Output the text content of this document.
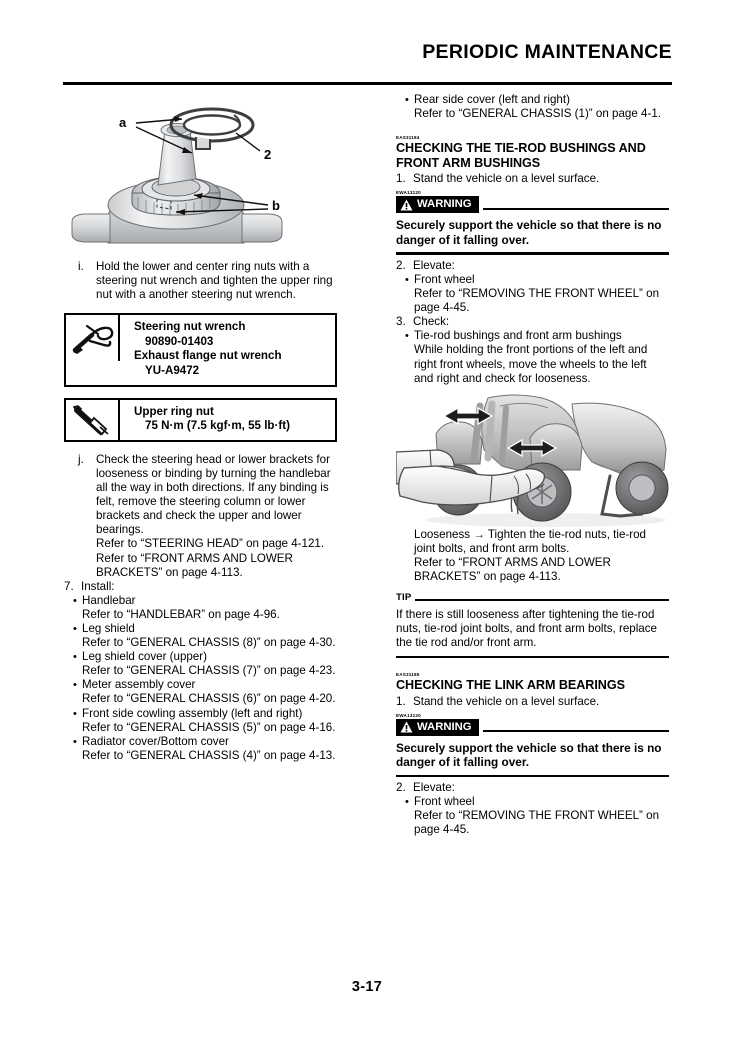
PERIODIC MAINTENANCE
a
2
b
i.	Hold the lower and center ring nuts with a steering nut wrench and tighten the upper ring nut with a another steering nut wrench.
Steering nut wrench
90890-01403
Exhaust flange nut wrench
YU-A9472
Upper ring nut
75 N·m (7.5 kgf·m, 55 lb·ft)
j.	Check the steering head or lower brackets for looseness or binding by turning the handlebar all the way in both directions. If any binding is felt, remove the steering column or lower brackets and check the upper and lower bearings.
Refer to “STEERING HEAD” on page 4-121.
Refer to “FRONT ARMS AND LOWER BRACKETS” on page 4-113.
7. Install:
• Handlebar
Refer to “HANDLEBAR” on page 4-96.
• Leg shield
Refer to “GENERAL CHASSIS (8)” on page 4-30.
• Leg shield cover (upper)
Refer to “GENERAL CHASSIS (7)” on page 4-23.
• Meter assembly cover
Refer to “GENERAL CHASSIS (6)” on page 4-20.
• Front side cowling assembly (left and right)
Refer to “GENERAL CHASSIS (5)” on page 4-16.
• Radiator cover/Bottom cover
Refer to “GENERAL CHASSIS (4)” on page 4-13.
• Rear side cover (left and right)
Refer to “GENERAL CHASSIS (1)” on page 4-1.
EAS31184
CHECKING THE TIE-ROD BUSHINGS AND FRONT ARM BUSHINGS
1. Stand the vehicle on a level surface.
EWA13120
WARNING
Securely support the vehicle so that there is no danger of it falling over.
2. Elevate:
• Front wheel
Refer to “REMOVING THE FRONT WHEEL” on page 4-45.
3. Check:
• Tie-rod bushings and front arm bushings
While holding the front portions of the left and right front wheels, move the wheels to the left and right and check for looseness.
Looseness → Tighten the tie-rod nuts, tie-rod joint bolts, and front arm bolts.
Refer to “FRONT ARMS AND LOWER BRACKETS” on page 4-113.
TIP
If there is still looseness after tightening the tie-rod nuts, tie-rod joint bolts, and front arm bolts, replace the tie rod and/or front arm.
EAS31185
CHECKING THE LINK ARM BEARINGS
1. Stand the vehicle on a level surface.
EWA13120
WARNING
Securely support the vehicle so that there is no danger of it falling over.
2. Elevate:
• Front wheel
Refer to “REMOVING THE FRONT WHEEL” on page 4-45.
3-17
